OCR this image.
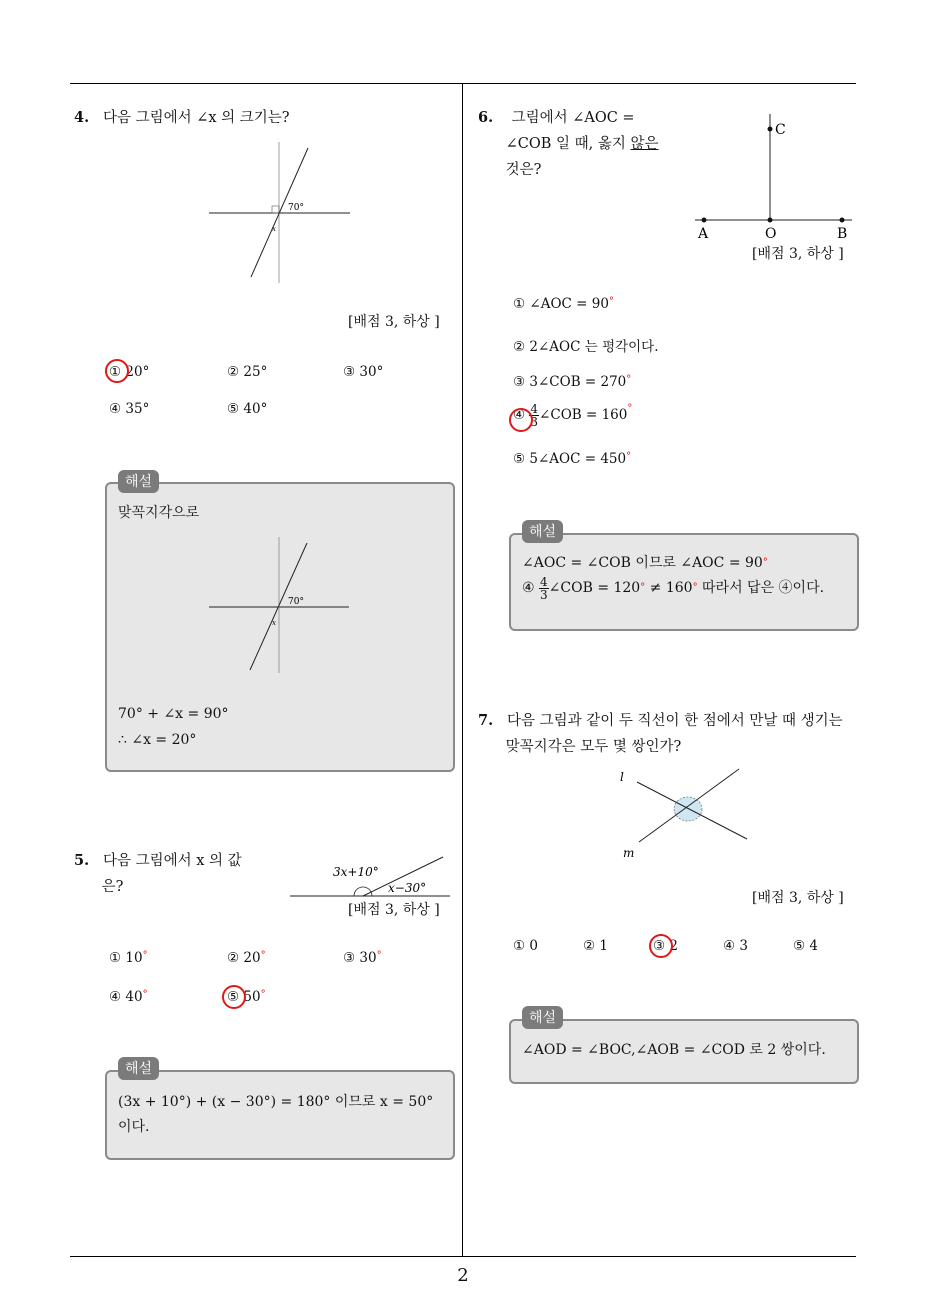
4. 다음 그림에서 ∠x 의 크기는?
70°
x
[배점 3, 하상 ]
① 20°	② 25°	③ 30°
④ 35°	⑤ 40°
해설
맞꼭지각으로
70°
x
70° + ∠x = 90°
∴ ∠x = 20°
5. 다음 그림에서 x 의 값
은?
3x+10°
x−30°
[배점 3, 하상 ]
① 10°	② 20°	③ 30°
④ 40°	⑤ 50°
해설
(3x + 10°) + (x − 30°) = 180° 이므로 x = 50°
이다.
6. 그림에서 ∠AOC =
∠COB 일 때, 옳지 않은
것은?
A	O	B
C
[배점 3, 하상 ]
① ∠AOC = 90°
② 2∠AOC 는 평각이다.
③ 3∠COB = 270°
④ $\frac{4}{3}$ ∠COB = 160°
⑤ 5∠AOC = 450°
해설
∠AOC = ∠COB 이므로 ∠AOC = 90°
④ $\frac{4}{3}$ ∠COB = 120° ≠ 160° 따라서 답은 ④이다.
7. 다음 그림과 같이 두 직선이 한 점에서 만날 때 생기는
맞꼭지각은 모두 몇 쌍인가?
l
m
[배점 3, 하상 ]
① 0	② 1	③ 2	④ 3	⑤ 4
해설
∠AOD = ∠BOC,∠AOB = ∠COD 로 2 쌍이다.
2
